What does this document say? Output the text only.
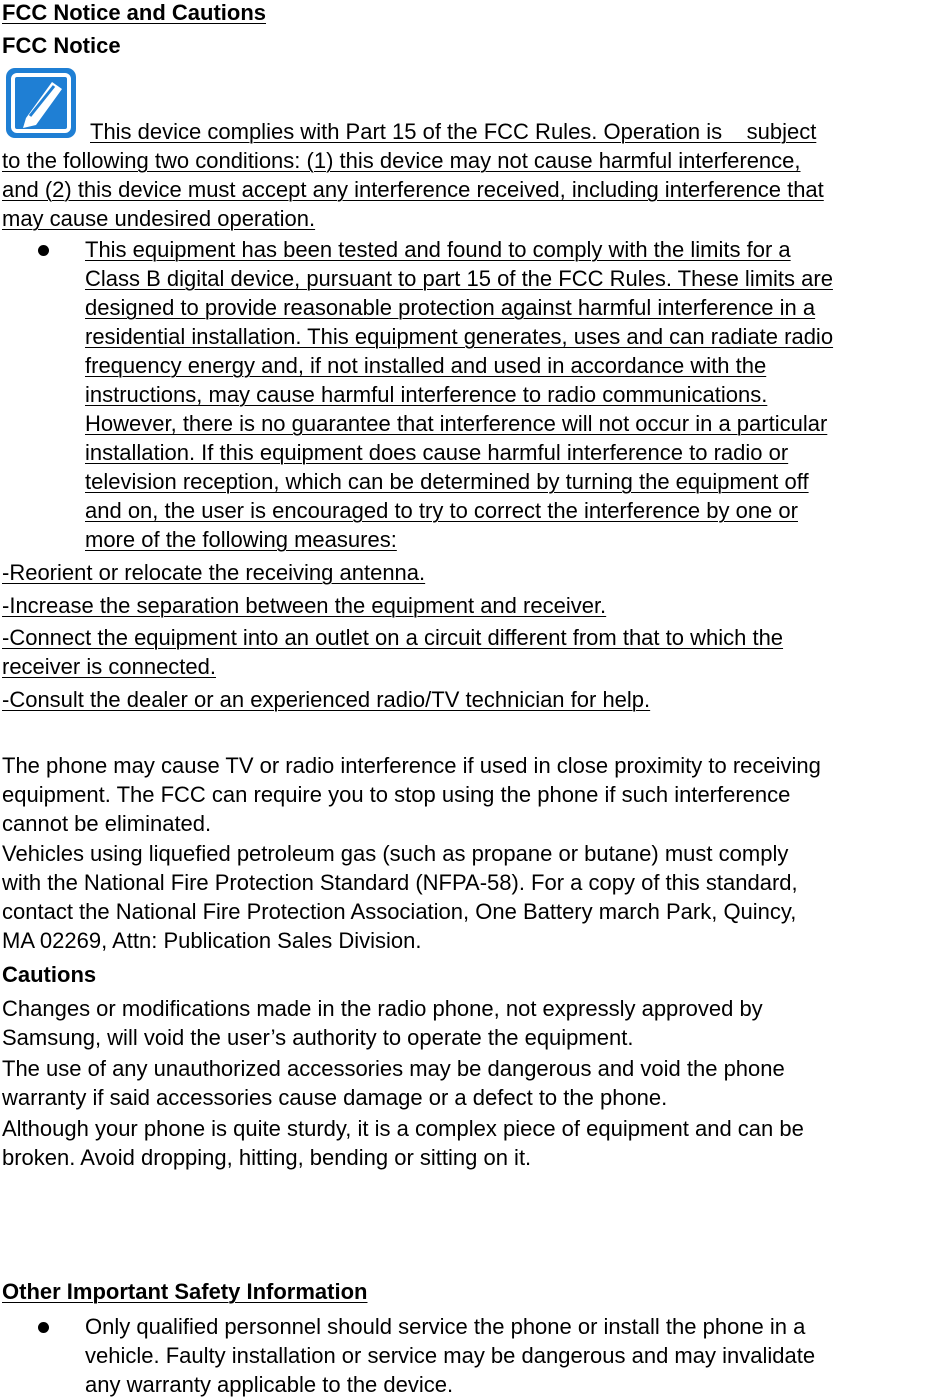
FCC Notice and Cautions
FCC Notice
This device complies with Part 15 of the FCC Rules. Operation is    subject
to the following two conditions: (1) this device may not cause harmful interference,
and (2) this device must accept any interference received, including interference that
may cause undesired operation.
This equipment has been tested and found to comply with the limits for a
Class B digital device, pursuant to part 15 of the FCC Rules. These limits are
designed to provide reasonable protection against harmful interference in a
residential installation. This equipment generates, uses and can radiate radio
frequency energy and, if not installed and used in accordance with the
instructions, may cause harmful interference to radio communications.
However, there is no guarantee that interference will not occur in a particular
installation. If this equipment does cause harmful interference to radio or
television reception, which can be determined by turning the equipment off
and on, the user is encouraged to try to correct the interference by one or
more of the following measures:
-Reorient or relocate the receiving antenna.
-Increase the separation between the equipment and receiver.
-Connect the equipment into an outlet on a circuit different from that to which the
receiver is connected.
-Consult the dealer or an experienced radio/TV technician for help.
The phone may cause TV or radio interference if used in close proximity to receiving
equipment. The FCC can require you to stop using the phone if such interference
cannot be eliminated.
Vehicles using liquefied petroleum gas (such as propane or butane) must comply
with the National Fire Protection Standard (NFPA-58). For a copy of this standard,
contact the National Fire Protection Association, One Battery march Park, Quincy,
MA 02269, Attn: Publication Sales Division.
Cautions
Changes or modifications made in the radio phone, not expressly approved by
Samsung, will void the user’s authority to operate the equipment.
The use of any unauthorized accessories may be dangerous and void the phone
warranty if said accessories cause damage or a defect to the phone.
Although your phone is quite sturdy, it is a complex piece of equipment and can be
broken. Avoid dropping, hitting, bending or sitting on it.
Other Important Safety Information
Only qualified personnel should service the phone or install the phone in a
vehicle. Faulty installation or service may be dangerous and may invalidate
any warranty applicable to the device.
